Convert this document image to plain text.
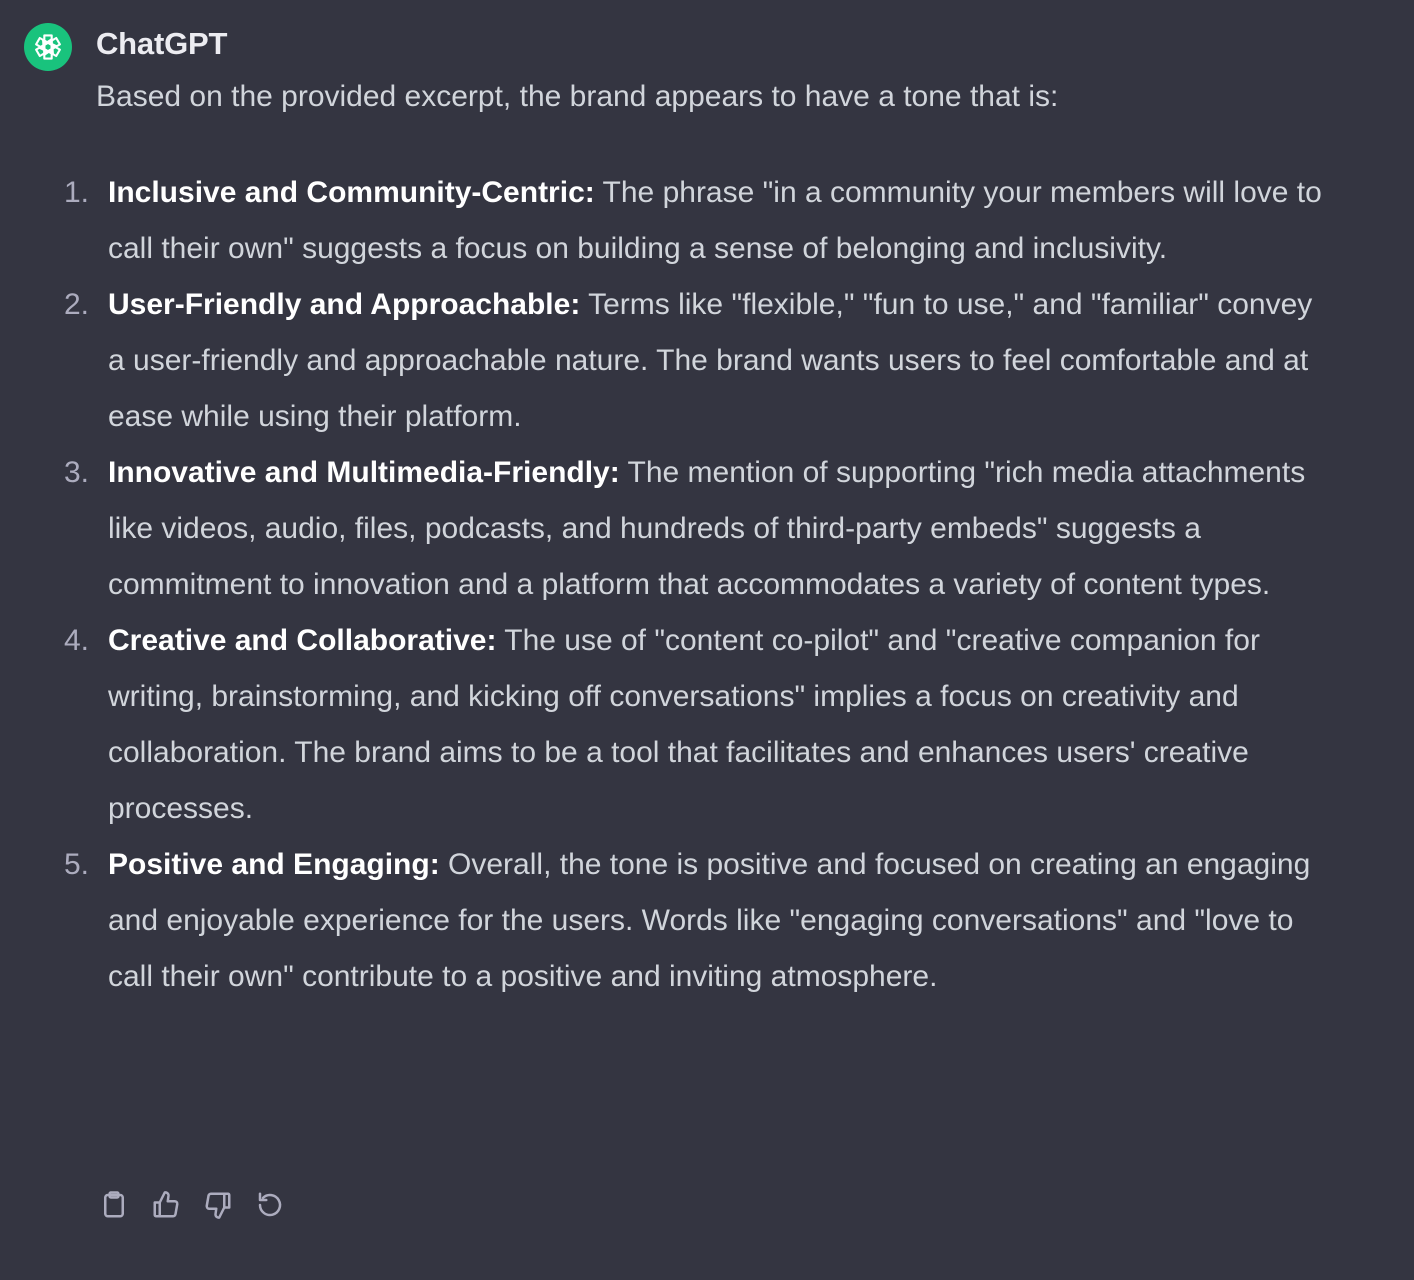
ChatGPT
Based on the provided excerpt, the brand appears to have a tone that is:
1. Inclusive and Community-Centric: The phrase "in a community your members will love to call their own" suggests a focus on building a sense of belonging and inclusivity.
2. User-Friendly and Approachable: Terms like "flexible," "fun to use," and "familiar" convey a user-friendly and approachable nature. The brand wants users to feel comfortable and at ease while using their platform.
3. Innovative and Multimedia-Friendly: The mention of supporting "rich media attachments like videos, audio, files, podcasts, and hundreds of third-party embeds" suggests a commitment to innovation and a platform that accommodates a variety of content types.
4. Creative and Collaborative: The use of "content co-pilot" and "creative companion for writing, brainstorming, and kicking off conversations" implies a focus on creativity and collaboration. The brand aims to be a tool that facilitates and enhances users' creative processes.
5. Positive and Engaging: Overall, the tone is positive and focused on creating an engaging and enjoyable experience for the users. Words like "engaging conversations" and "love to call their own" contribute to a positive and inviting atmosphere.
